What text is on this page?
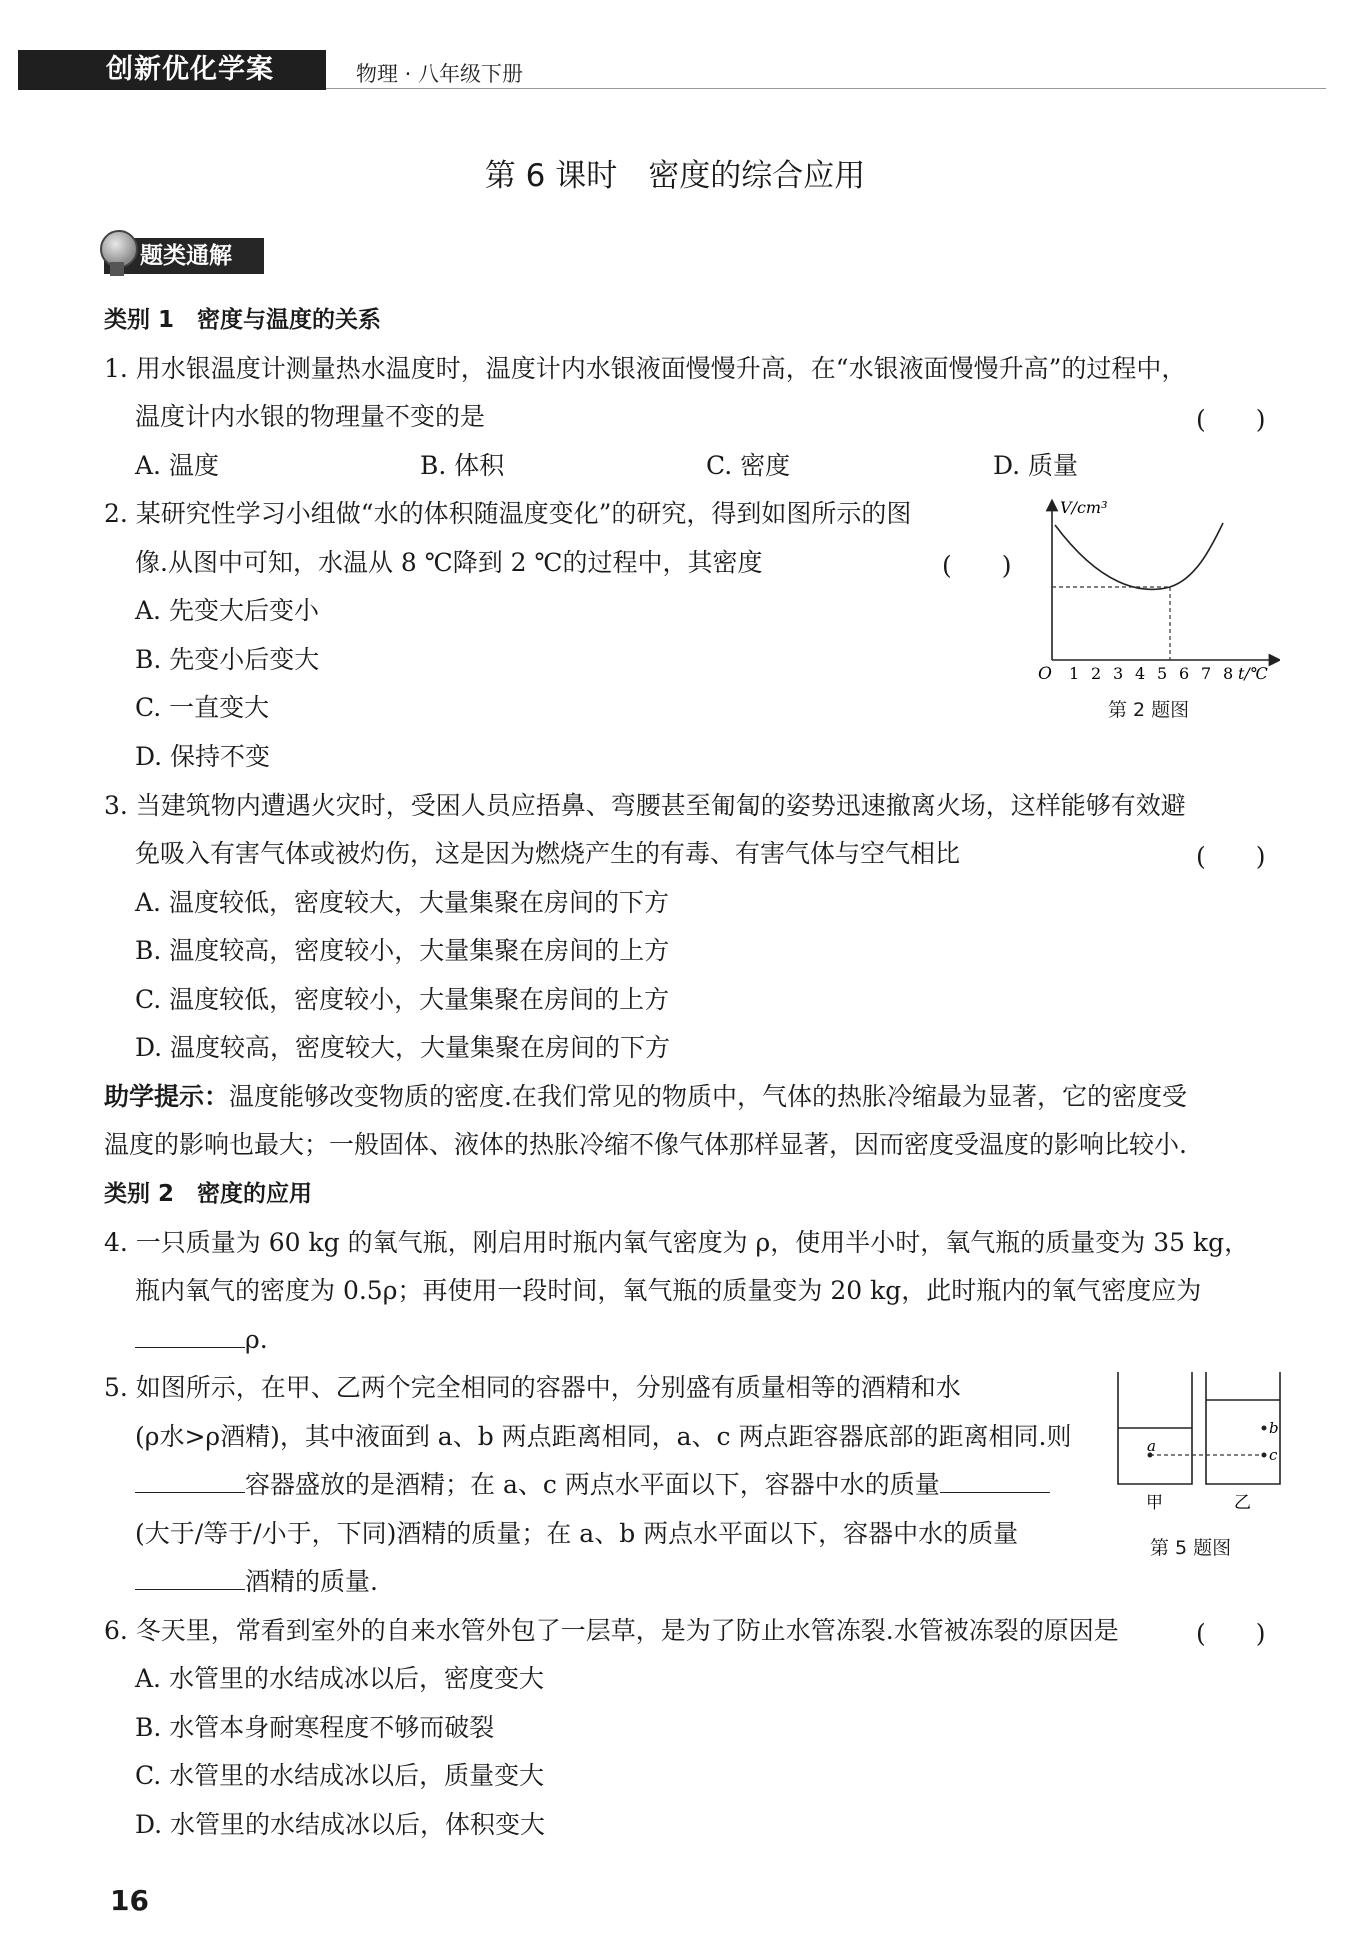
创新优化学案	物理 · 八年级下册
第 6 课时　密度的综合应用
题类通解
类别 1　密度与温度的关系
1. 用水银温度计测量热水温度时，温度计内水银液面慢慢升高，在“水银液面慢慢升高”的过程中，
温度计内水银的物理量不变的是	(　　)
A. 温度	B. 体积	C. 密度	D. 质量
2. 某研究性学习小组做“水的体积随温度变化”的研究，得到如图所示的图
像.从图中可知，水温从 8 ℃降到 2 ℃的过程中，其密度	(　　)
A. 先变大后变小
B. 先变小后变大
C. 一直变大
D. 保持不变
V/cm³
O 1 2 3 4 5 6 7 8 t/℃
第 2 题图
3. 当建筑物内遭遇火灾时，受困人员应捂鼻、弯腰甚至匍匐的姿势迅速撤离火场，这样能够有效避
免吸入有害气体或被灼伤，这是因为燃烧产生的有毒、有害气体与空气相比	(　　)
A. 温度较低，密度较大，大量集聚在房间的下方
B. 温度较高，密度较小，大量集聚在房间的上方
C. 温度较低，密度较小，大量集聚在房间的上方
D. 温度较高，密度较大，大量集聚在房间的下方
助学提示：温度能够改变物质的密度.在我们常见的物质中，气体的热胀冷缩最为显著，它的密度受
温度的影响也最大；一般固体、液体的热胀冷缩不像气体那样显著，因而密度受温度的影响比较小.
类别 2　密度的应用
4. 一只质量为 60 kg 的氧气瓶，刚启用时瓶内氧气密度为 ρ，使用半小时，氧气瓶的质量变为 35 kg，
瓶内氧气的密度为 0.5ρ；再使用一段时间，氧气瓶的质量变为 20 kg，此时瓶内的氧气密度应为
ρ.
5. 如图所示，在甲、乙两个完全相同的容器中，分别盛有质量相等的酒精和水
(ρ水>ρ酒精)，其中液面到 a、b 两点距离相同，a、c 两点距容器底部的距离相同.则
容器盛放的是酒精；在 a、c 两点水平面以下，容器中水的质量
(大于/等于/小于，下同)酒精的质量；在 a、b 两点水平面以下，容器中水的质量
酒精的质量.
a
b
c
甲	乙
第 5 题图
6. 冬天里，常看到室外的自来水管外包了一层草，是为了防止水管冻裂.水管被冻裂的原因是	(　　)
A. 水管里的水结成冰以后，密度变大
B. 水管本身耐寒程度不够而破裂
C. 水管里的水结成冰以后，质量变大
D. 水管里的水结成冰以后，体积变大
16
